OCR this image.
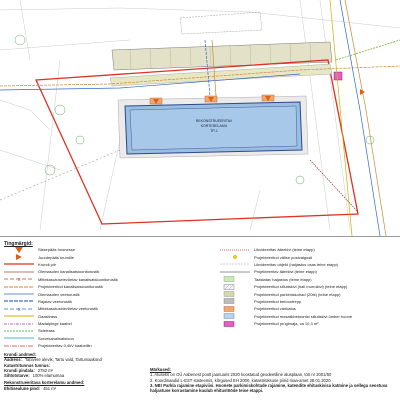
REKONSTRUEERITAV
KORTERELAMU
TP-1
Tingmärgid:
Sissepääs hoonesse
Juurdepääs krundile
Krundi piir
Olemasolev kanalisatsioonitorustik
x	Mittekasutuselevõetav kanalisatsioonitorustik
Projekteeritud kanalisatsioonitorustik
Olemasolev veetorustik
Rajatav veetorustik
x	Mittekasutuselevõetav veetorustik
Gaasitrass
Madalpinge kaabel
Sidetrass
Sorvekanalisatsioon
Projekteeritav 0,4kV kaabelliin
Likvideeritav äärekivi (teine etapp)
Projekteeritud välise postvalgusti
Likvideeritav objekt (haljastus osas teine etapp)
Projekteeritav äärekivi (teine etapp)
Taastatav haljastus (teine etapp)
Projekteeritud sillutiskivi (hall murrukivi) (teine etapp)
Projekteeritud parkimiskohad (20tk) (teine etapp)
Projekteeritud betoontrepp
Projekteeritud varikatus
Projekteeritud mosaiikbetoonist sillutiskivi ümber hoone
Projekteeritud prügimaja, ca 10,3 m²
Krundi andmed:
Aadress: Tabivere alevik, Tartu vald, Tartumaakond
Katastritunnus tunnus:
Krundi pindala: 2782 m²
Sihtotstarve: 100% elamumaa
Rekonstrueeritava korterelamu andmed:
Ehitisealune pind: 451 m²
Märkused:
1. Aluseks on OÜ Aabenest poolt jaanuaris 2020 koostatud geodeetiline alusplaan, töö nr 2001/50
2. Koordinaadid L-EST süsteemis, kõrgused EH 2000, katastriüksuse piirid maa-amet 28.01.2020
3. NB! Parkla rajamine etapiviisi. Hoonete parkimiskohtade rajamine, katendite ehituskivisa katmine ja sellega seostuva haljastuse korrastamine kuulub ehitustööde teise etappi.
